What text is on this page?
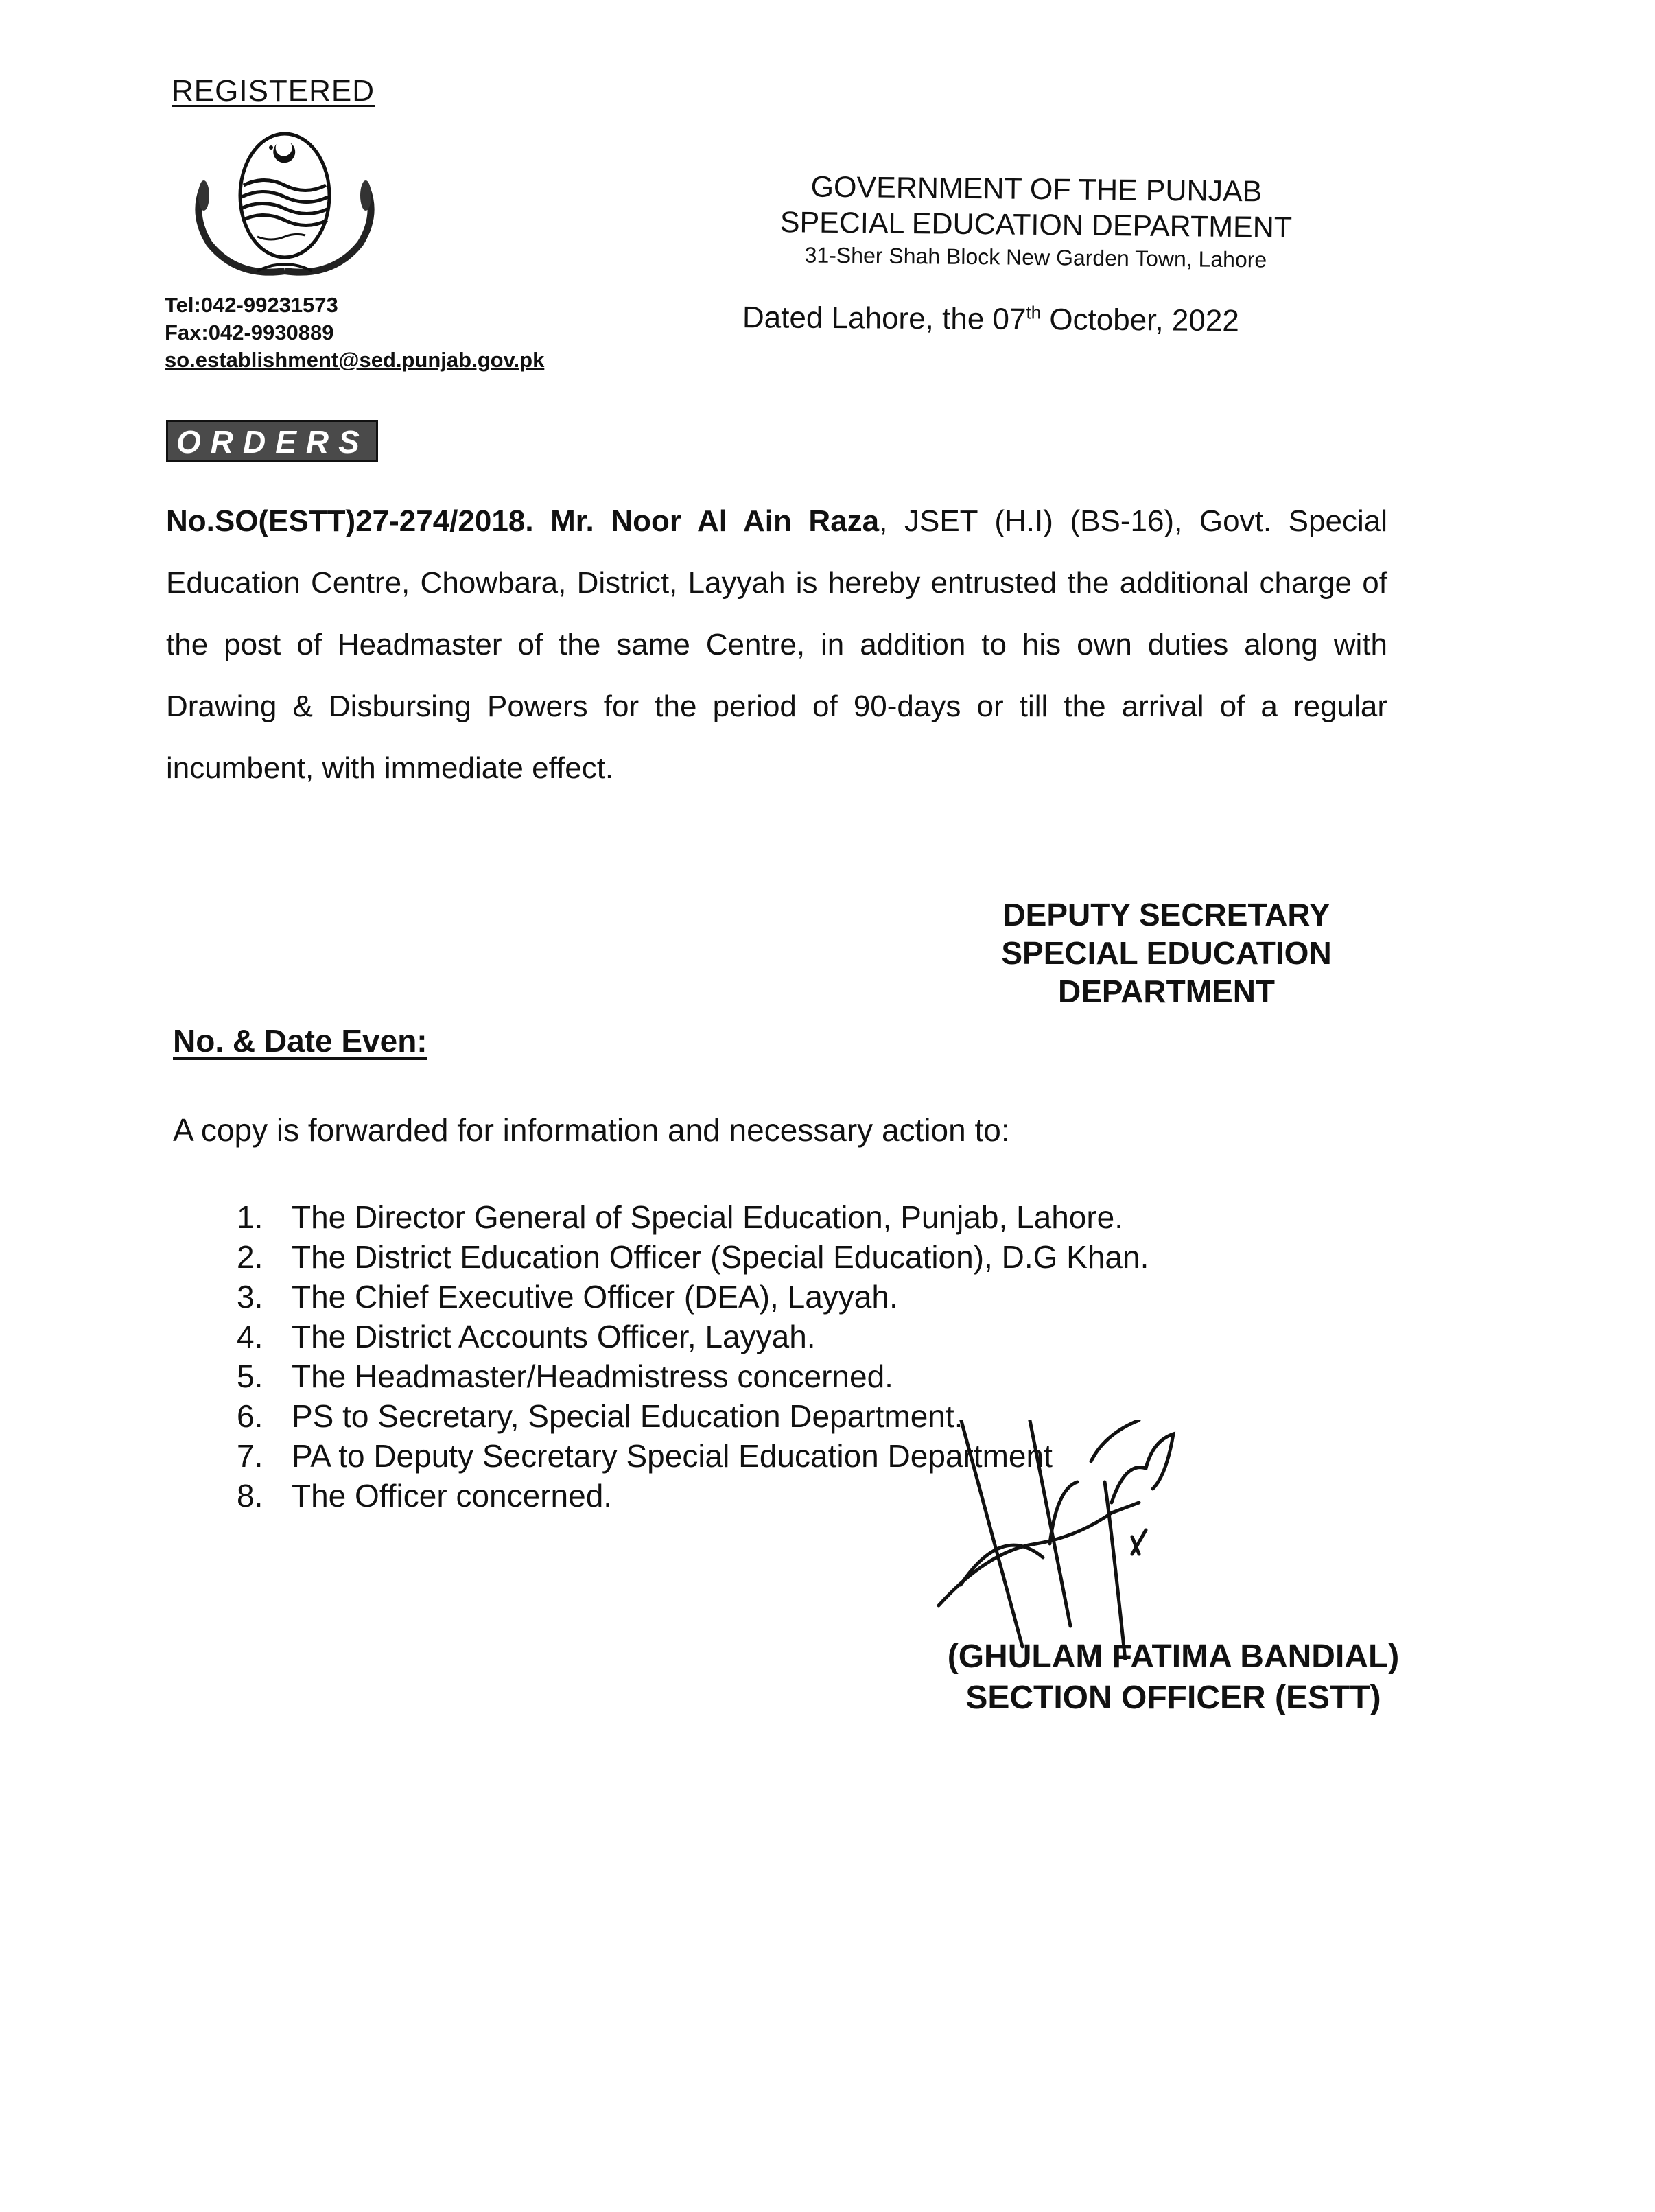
REGISTERED
Tel:042-99231573
Fax:042-9930889
so.establishment@sed.punjab.gov.pk
GOVERNMENT OF THE PUNJAB
SPECIAL EDUCATION DEPARTMENT
31-Sher Shah Block New Garden Town, Lahore
Dated Lahore, the 07th October, 2022
ORDERS
No.SO(ESTT)27-274/2018. Mr. Noor Al Ain Raza, JSET (H.I) (BS-16), Govt. Special Education Centre, Chowbara, District, Layyah is hereby entrusted the additional charge of the post of Headmaster of the same Centre, in addition to his own duties along with Drawing & Disbursing Powers for the period of 90-days or till the arrival of a regular incumbent, with immediate effect.
DEPUTY SECRETARY
SPECIAL EDUCATION
DEPARTMENT
No. & Date Even:
A copy is forwarded for information and necessary action to:
1. The Director General of Special Education, Punjab, Lahore.
2. The District Education Officer (Special Education), D.G Khan.
3. The Chief Executive Officer (DEA), Layyah.
4. The District Accounts Officer, Layyah.
5. The Headmaster/Headmistress concerned.
6. PS to Secretary, Special Education Department.
7. PA to Deputy Secretary Special Education Department
8. The Officer concerned.
(GHULAM FATIMA BANDIAL)
SECTION OFFICER (ESTT)
